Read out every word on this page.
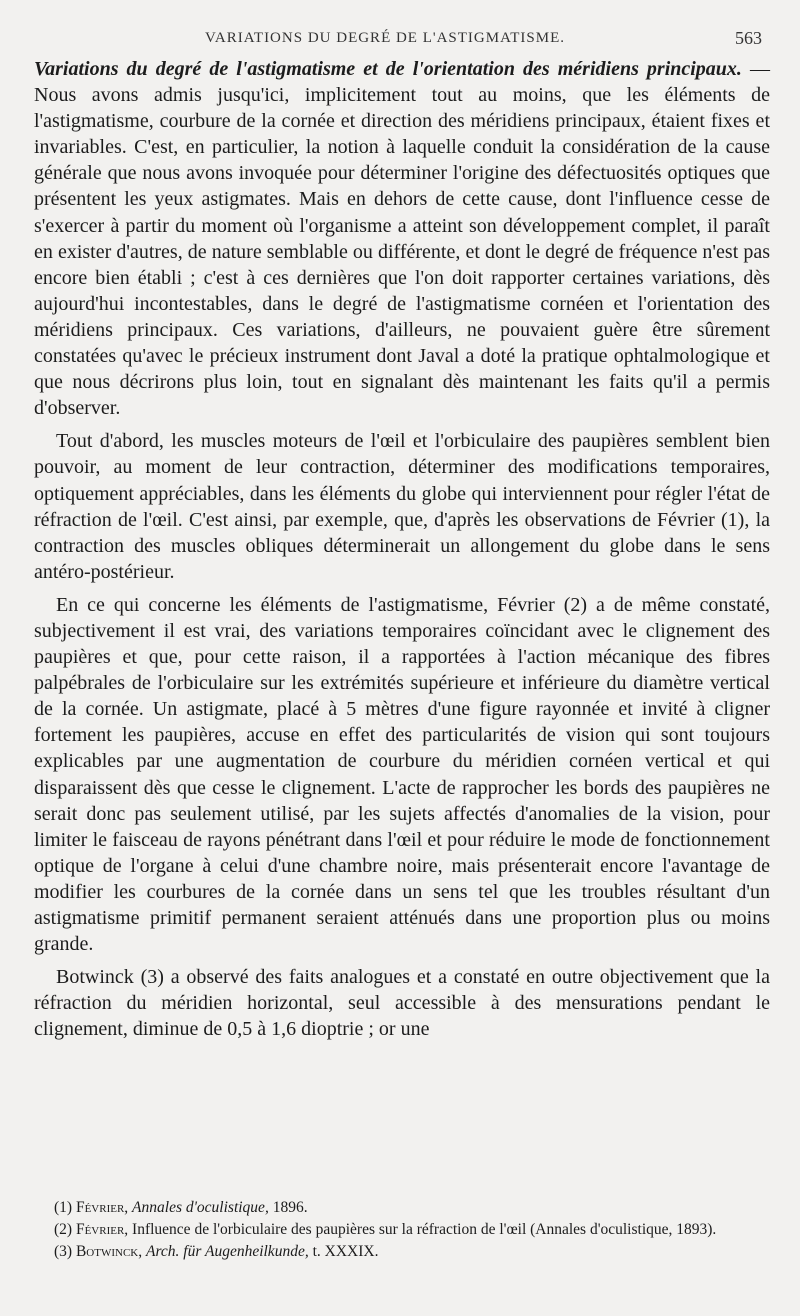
VARIATIONS DU DEGRÉ DE L'ASTIGMATISME.	563

Variations du degré de l'astigmatisme et de l'orientation des méridiens principaux. — Nous avons admis jusqu'ici, implicitement tout au moins, que les éléments de l'astigmatisme, courbure de la cornée et direction des méridiens principaux, étaient fixes et invariables. C'est, en particulier, la notion à laquelle conduit la considération de la cause générale que nous avons invoquée pour déterminer l'origine des défectuosités optiques que présentent les yeux astigmates. Mais en dehors de cette cause, dont l'influence cesse de s'exercer à partir du moment où l'organisme a atteint son développement complet, il paraît en exister d'autres, de nature semblable ou différente, et dont le degré de fréquence n'est pas encore bien établi ; c'est à ces dernières que l'on doit rapporter certaines variations, dès aujourd'hui incontestables, dans le degré de l'astigmatisme cornéen et l'orientation des méridiens principaux. Ces variations, d'ailleurs, ne pouvaient guère être sûrement constatées qu'avec le précieux instrument dont Javal a doté la pratique ophtalmologique et que nous décrirons plus loin, tout en signalant dès maintenant les faits qu'il a permis d'observer.

Tout d'abord, les muscles moteurs de l'œil et l'orbiculaire des paupières semblent bien pouvoir, au moment de leur contraction, déterminer des modifications temporaires, optiquement appréciables, dans les éléments du globe qui interviennent pour régler l'état de réfraction de l'œil. C'est ainsi, par exemple, que, d'après les observations de Février (1), la contraction des muscles obliques déterminerait un allongement du globe dans le sens antéro-postérieur.

En ce qui concerne les éléments de l'astigmatisme, Février (2) a de même constaté, subjectivement il est vrai, des variations temporaires coïncidant avec le clignement des paupières et que, pour cette raison, il a rapportées à l'action mécanique des fibres palpébrales de l'orbiculaire sur les extrémités supérieure et inférieure du diamètre vertical de la cornée. Un astigmate, placé à 5 mètres d'une figure rayonnée et invité à cligner fortement les paupières, accuse en effet des particularités de vision qui sont toujours explicables par une augmentation de courbure du méridien cornéen vertical et qui disparaissent dès que cesse le clignement. L'acte de rapprocher les bords des paupières ne serait donc pas seulement utilisé, par les sujets affectés d'anomalies de la vision, pour limiter le faisceau de rayons pénétrant dans l'œil et pour réduire le mode de fonctionnement optique de l'organe à celui d'une chambre noire, mais présenterait encore l'avantage de modifier les courbures de la cornée dans un sens tel que les troubles résultant d'un astigmatisme primitif permanent seraient atténués dans une proportion plus ou moins grande.

Botwinck (3) a observé des faits analogues et a constaté en outre objectivement que la réfraction du méridien horizontal, seul accessible à des mensurations pendant le clignement, diminue de 0,5 à 1,6 dioptrie ; or une

(1) Février, Annales d'oculistique, 1896.

(2) Février, Influence de l'orbiculaire des paupières sur la réfraction de l'œil (Annales d'oculistique, 1893).

(3) Botwinck, Arch. für Augenheilkunde, t. XXXIX.
